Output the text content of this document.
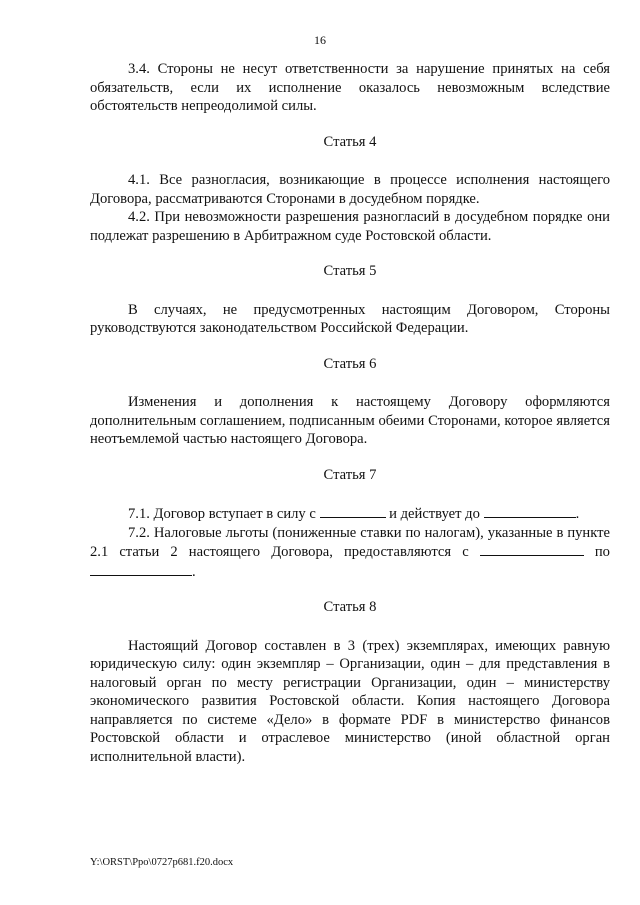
16

3.4. Стороны не несут ответственности за нарушение принятых на себя обязательств, если их исполнение оказалось невозможным вследствие обстоятельств непреодолимой силы.

Статья 4

4.1. Все разногласия, возникающие в процессе исполнения настоящего Договора, рассматриваются Сторонами в досудебном порядке.

4.2. При невозможности разрешения разногласий в досудебном порядке они подлежат разрешению в Арбитражном суде Ростовской области.

Статья 5

В случаях, не предусмотренных настоящим Договором, Стороны руководствуются законодательством Российской Федерации.

Статья 6

Изменения и дополнения к настоящему Договору оформляются дополнительным соглашением, подписанным обеими Сторонами, которое является неотъемлемой частью настоящего Договора.

Статья 7

7.1. Договор вступает в силу с	и действует до	.

7.2. Налоговые льготы (пониженные ставки по налогам), указанные в пункте 2.1 статьи 2 настоящего Договора, предоставляются с	по .

Статья 8

Настоящий Договор составлен в 3 (трех) экземплярах, имеющих равную юридическую силу: один экземпляр – Организации, один – для представления в налоговый орган по месту регистрации Организации, один – министерству экономического развития Ростовской области. Копия настоящего Договора направляется по системе «Дело» в формате PDF в министерство финансов Ростовской области и отраслевое министерство (иной областной орган исполнительной власти).

Y:\ORST\Ppo\0727p681.f20.docx
